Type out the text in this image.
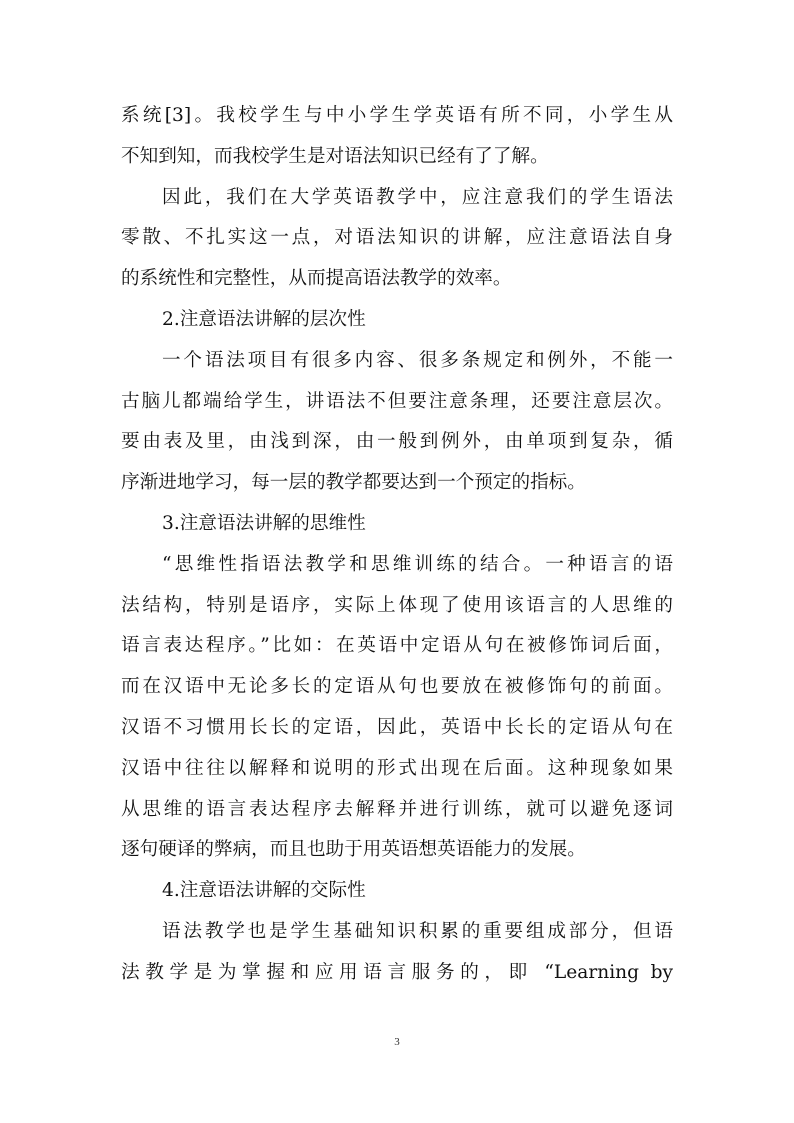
系统[3]。我校学生与中小学生学英语有所不同，小学生从
不知到知，而我校学生是对语法知识已经有了了解。
因此，我们在大学英语教学中，应注意我们的学生语法
零散、不扎实这一点，对语法知识的讲解，应注意语法自身
的系统性和完整性，从而提高语法教学的效率。
2.注意语法讲解的层次性
一个语法项目有很多内容、很多条规定和例外，不能一
古脑儿都端给学生，讲语法不但要注意条理，还要注意层次。
要由表及里，由浅到深，由一般到例外，由单项到复杂，循
序渐进地学习，每一层的教学都要达到一个预定的指标。
3.注意语法讲解的思维性
“思维性指语法教学和思维训练的结合。一种语言的语
法结构，特别是语序，实际上体现了使用该语言的人思维的
语言表达程序。”比如：在英语中定语从句在被修饰词后面，
而在汉语中无论多长的定语从句也要放在被修饰句的前面。
汉语不习惯用长长的定语，因此，英语中长长的定语从句在
汉语中往往以解释和说明的形式出现在后面。这种现象如果
从思维的语言表达程序去解释并进行训练，就可以避免逐词
逐句硬译的弊病，而且也助于用英语想英语能力的发展。
4.注意语法讲解的交际性
语法教学也是学生基础知识积累的重要组成部分，但语
法教学是为掌握和应用语言服务的，即 “Learning by
3
